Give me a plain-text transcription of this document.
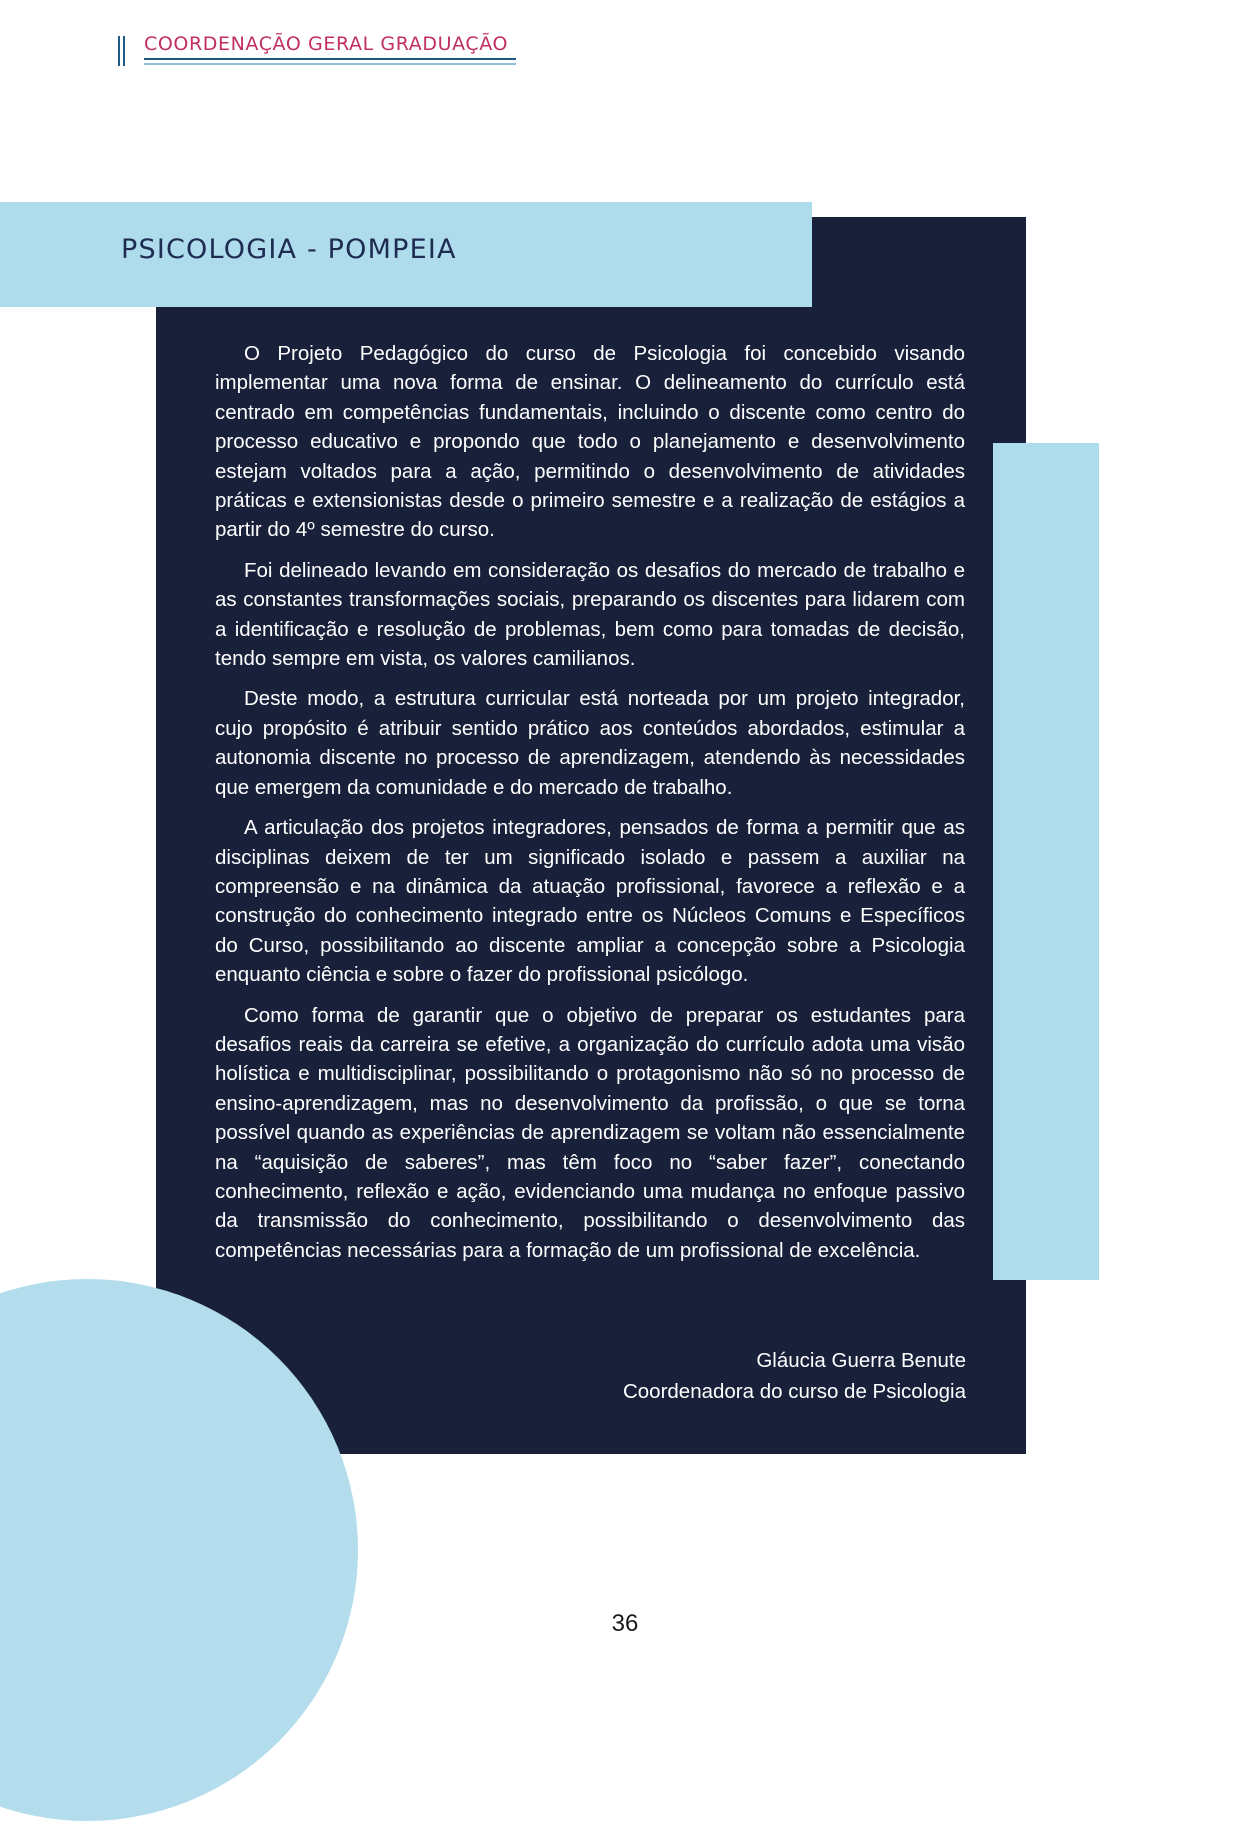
COORDENAÇÃO GERAL GRADUAÇÃO
PSICOLOGIA - POMPEIA

O Projeto Pedagógico do curso de Psicologia foi concebido visando implementar uma nova forma de ensinar. O delineamento do currículo está centrado em competências fundamentais, incluindo o discente como centro do processo educativo e propondo que todo o planejamento e desenvolvimento estejam voltados para a ação, permitindo o desenvolvimento de atividades práticas e extensionistas desde o primeiro semestre e a realização de estágios a partir do 4º semestre do curso.

Foi delineado levando em consideração os desafios do mercado de trabalho e as constantes transformações sociais, preparando os discentes para lidarem com a identificação e resolução de problemas, bem como para tomadas de decisão, tendo sempre em vista, os valores camilianos.

Deste modo, a estrutura curricular está norteada por um projeto integrador, cujo propósito é atribuir sentido prático aos conteúdos abordados, estimular a autonomia discente no processo de aprendizagem, atendendo às necessidades que emergem da comunidade e do mercado de trabalho.

A articulação dos projetos integradores, pensados de forma a permitir que as disciplinas deixem de ter um significado isolado e passem a auxiliar na compreensão e na dinâmica da atuação profissional, favorece a reflexão e a construção do conhecimento integrado entre os Núcleos Comuns e Específicos do Curso, possibilitando ao discente ampliar a concepção sobre a Psicologia enquanto ciência e sobre o fazer do profissional psicólogo.

Como forma de garantir que o objetivo de preparar os estudantes para desafios reais da carreira se efetive, a organização do currículo adota uma visão holística e multidisciplinar, possibilitando o protagonismo não só no processo de ensino-aprendizagem, mas no desenvolvimento da profissão, o que se torna possível quando as experiências de aprendizagem se voltam não essencialmente na “aquisição de saberes”, mas têm foco no “saber fazer”, conectando conhecimento, reflexão e ação, evidenciando uma mudança no enfoque passivo da transmissão do conhecimento, possibilitando o desenvolvimento das competências necessárias para a formação de um profissional de excelência.

Gláucia Guerra Benute
Coordenadora do curso de Psicologia
36
